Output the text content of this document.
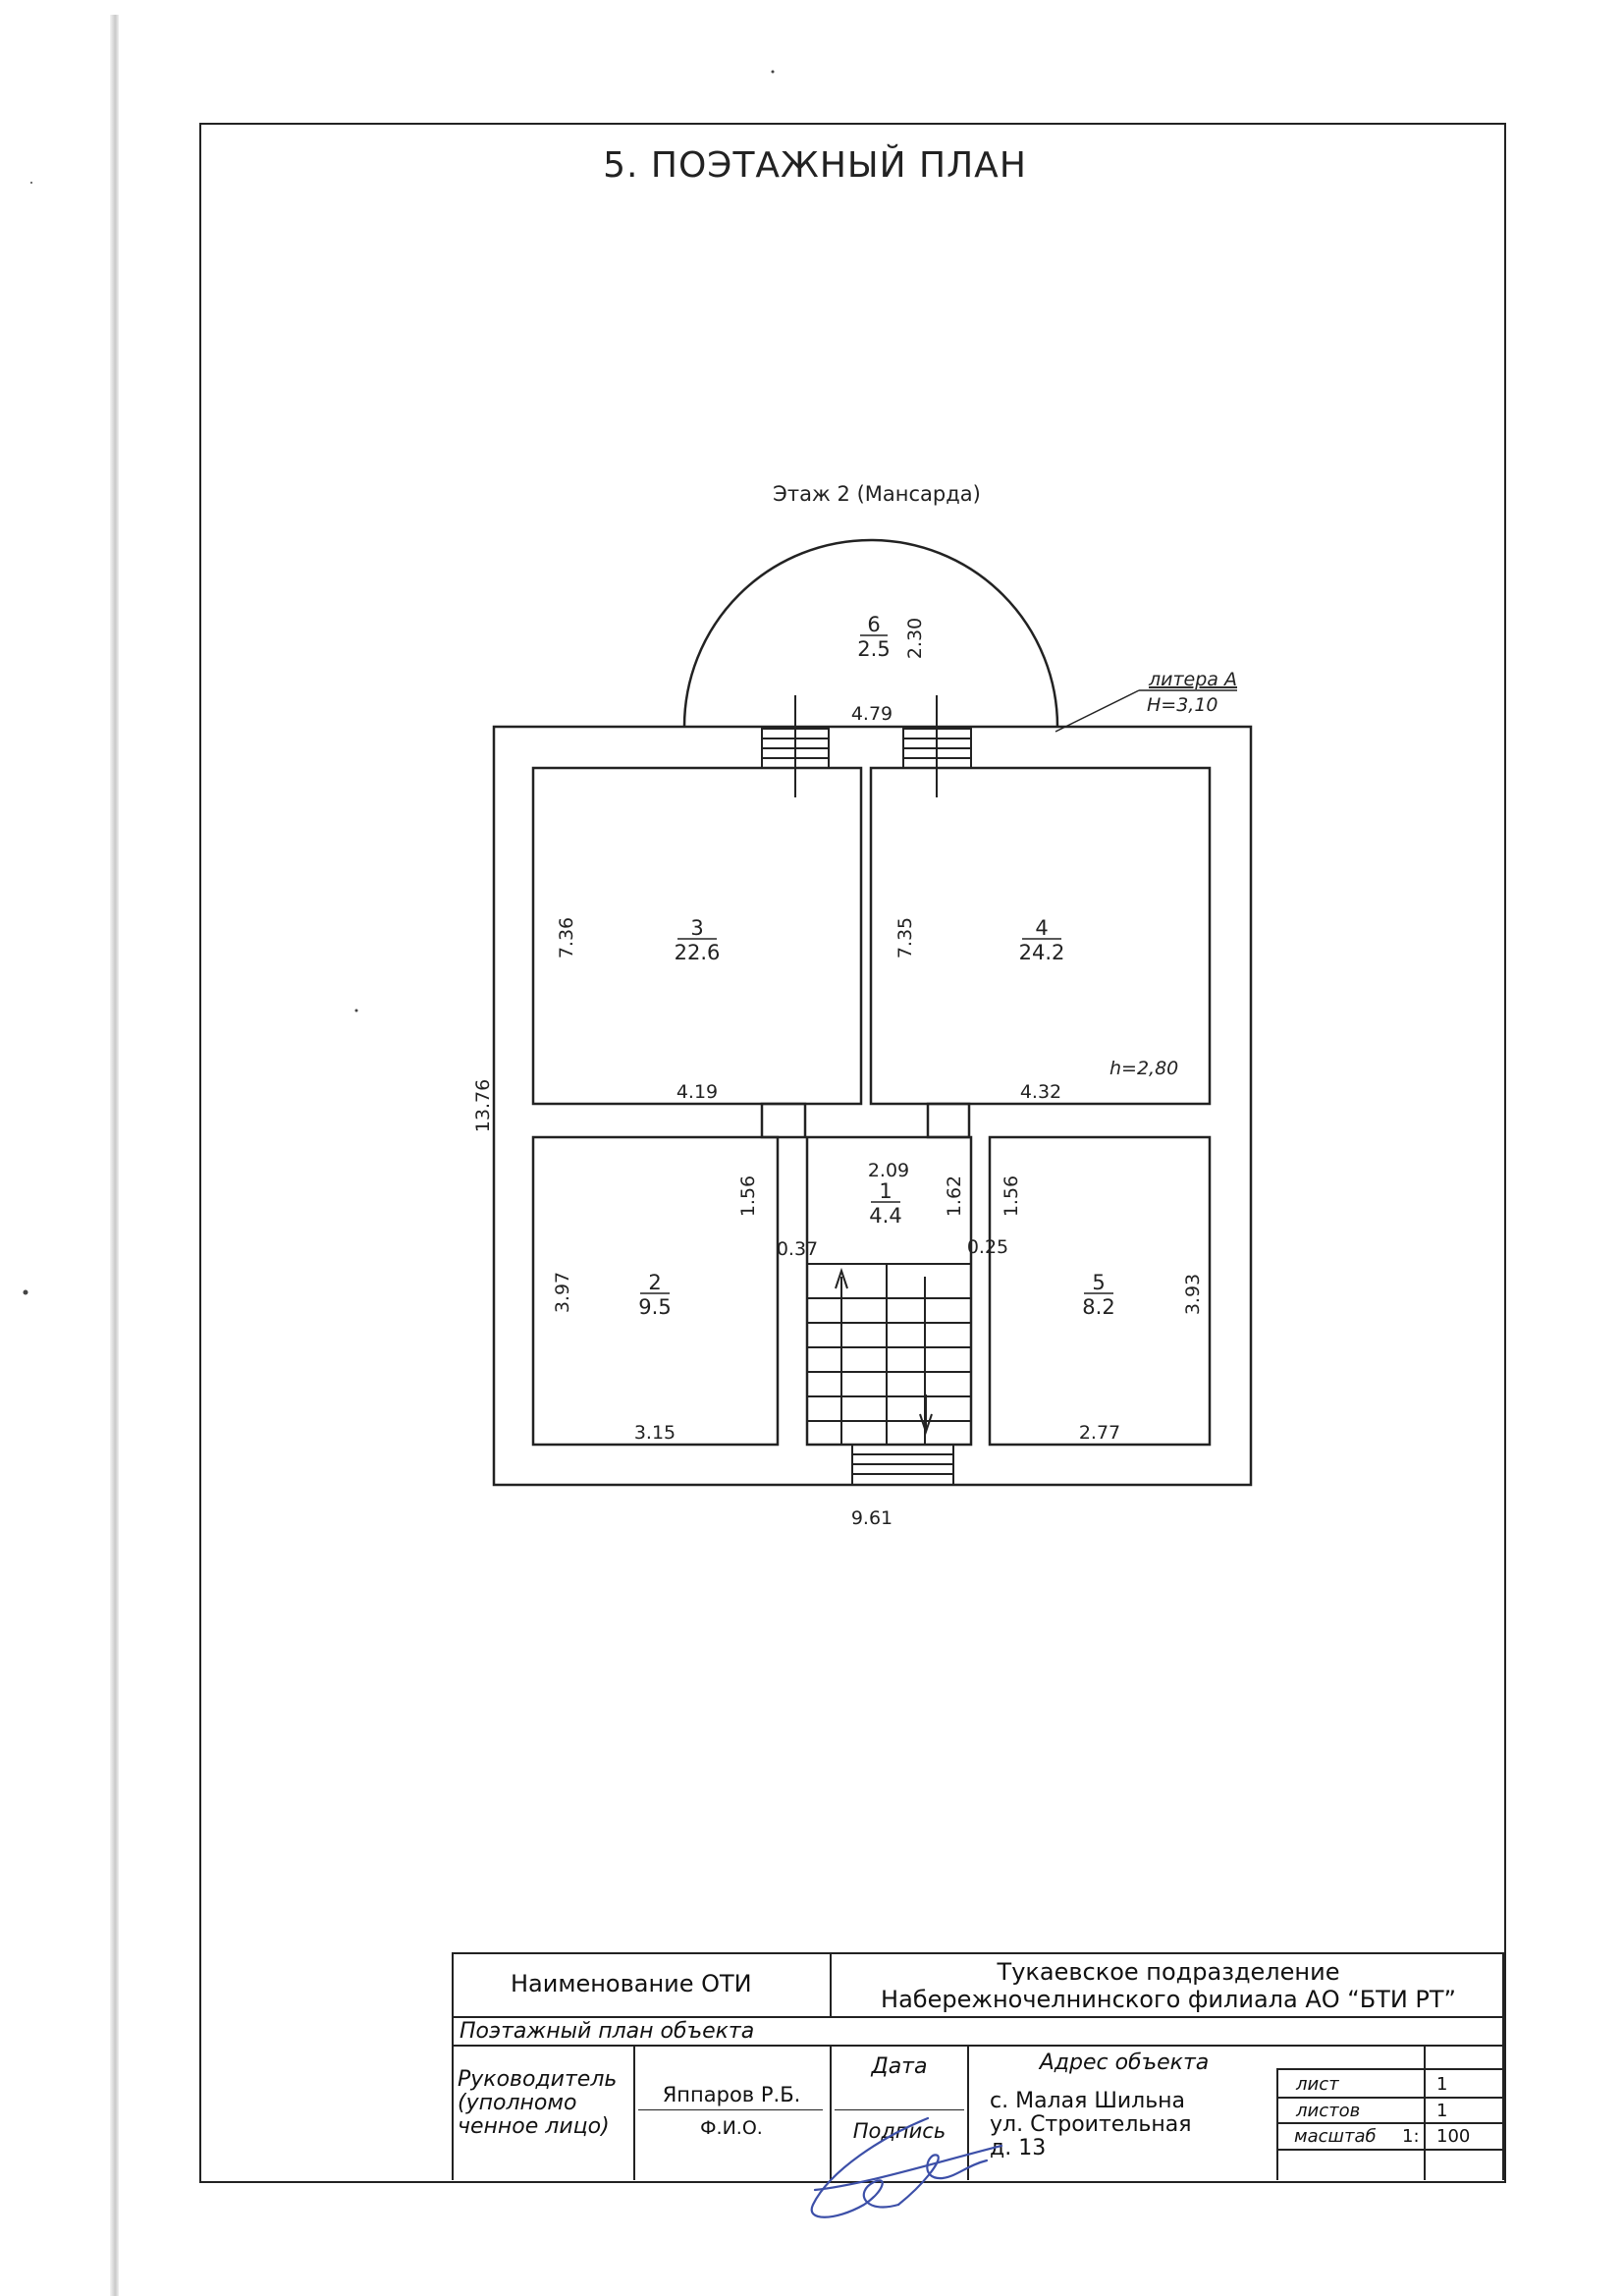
5. ПОЭТАЖНЫЙ ПЛАН
Этаж 2 (Мансарда)
литера А
H=3,10
6
2.5
3
22.6
4
24.2
2
9.5
1
4.4
5
8.2
4.79
2.30
13.76
9.61
7.36
4.19
7.35
4.32
h=2,80
1.56
3.97
3.15
2.09
1.62
0.37	0.25
1.56
3.93
2.77
Наименование ОТИ	Тукаевское подразделение
Набережночелнинского филиала АО “БТИ РТ”
Поэтажный план объекта
Руководитель
(уполномо
ченное лицо)
Яппаров Р.Б.
Ф.И.О.
Дата
Подпись
Адрес объекта
с. Малая Шильна
ул. Строительная
д. 13
лист	1
листов	1
масштаб 1: 100
